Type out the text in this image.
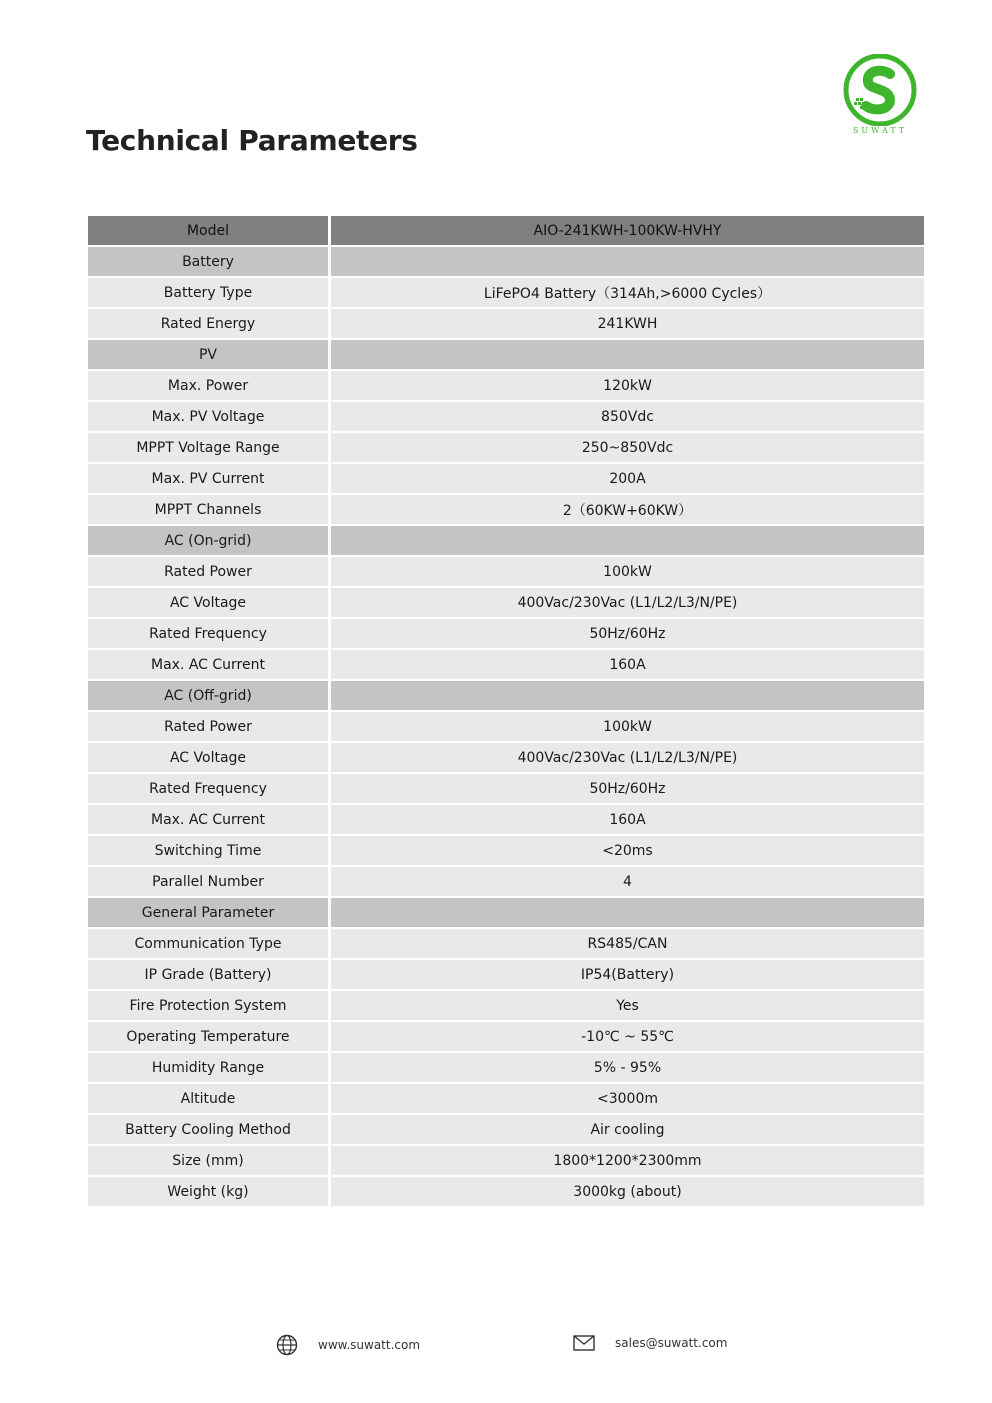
Technical Parameters	SUWATT
Model	AIO-241KWH-100KW-HVHY
Battery	
Battery Type	LiFePO4 Battery（314Ah,>6000 Cycles）
Rated Energy	241KWH
PV	
Max. Power	120kW
Max. PV Voltage	850Vdc
MPPT Voltage Range	250~850Vdc
Max. PV Current	200A
MPPT Channels	2（60KW+60KW）
AC (On-grid)	
Rated Power	100kW
AC Voltage	400Vac/230Vac (L1/L2/L3/N/PE)
Rated Frequency	50Hz/60Hz
Max. AC Current	160A
AC (Off-grid)	
Rated Power	100kW
AC Voltage	400Vac/230Vac (L1/L2/L3/N/PE)
Rated Frequency	50Hz/60Hz
Max. AC Current	160A
Switching Time	<20ms
Parallel Number	4
General Parameter	
Communication Type	RS485/CAN
IP Grade (Battery)	IP54(Battery)
Fire Protection System	Yes
Operating Temperature	-10℃ ~ 55℃
Humidity Range	5% - 95%
Altitude	<3000m
Battery Cooling Method	Air cooling
Size (mm)	1800*1200*2300mm
Weight (kg)	3000kg (about)
www.suwatt.com	sales@suwatt.com
